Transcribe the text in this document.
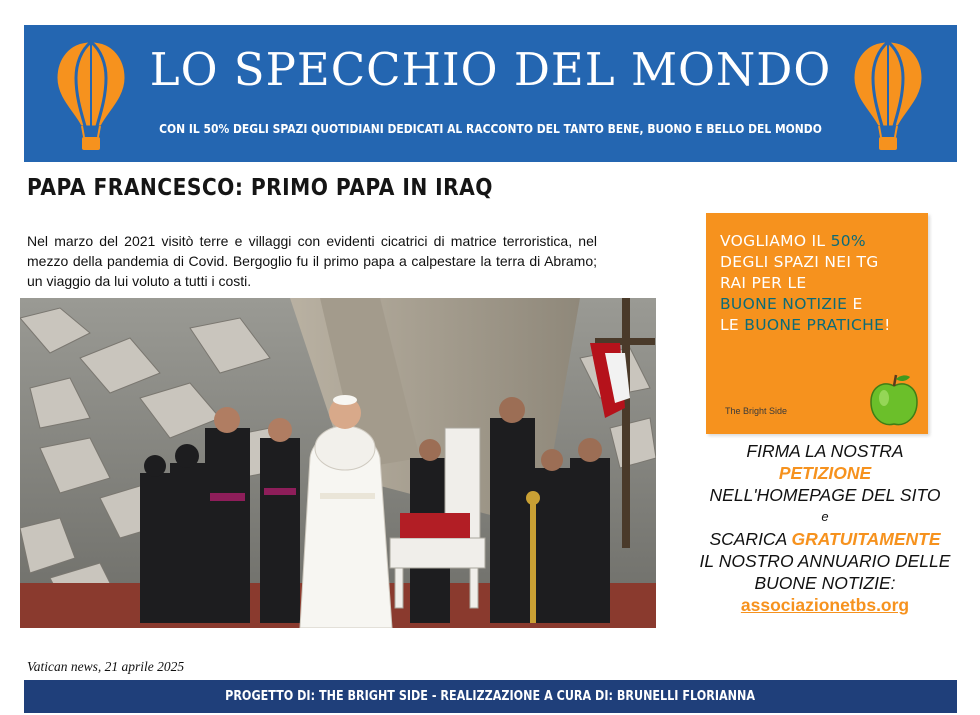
LO SPECCHIO DEL MONDO
CON IL 50% DEGLI SPAZI QUOTIDIANI DEDICATI AL RACCONTO DEL TANTO BENE, BUONO E BELLO DEL MONDO
PAPA FRANCESCO: PRIMO PAPA IN IRAQ

Nel marzo del 2021 visitò terre e villaggi con evidenti cicatrici di matrice terroristica, nel mezzo della pandemia di Covid. Bergoglio fu il primo papa a calpestare la terra di Abramo; un viaggio da lui voluto a tutti i costi.

Vatican news, 21 aprile 2025
VOGLIAMO IL 50%
DEGLI SPAZI NEI TG
RAI PER LE
BUONE NOTIZIE E
LE BUONE PRATICHE!
The Bright Side
FIRMA LA NOSTRA
PETIZIONE
NELL'HOMEPAGE DEL SITO
e
SCARICA GRATUITAMENTE
IL NOSTRO ANNUARIO DELLE
BUONE NOTIZIE:
associazionetbs.org
PROGETTO DI: THE BRIGHT SIDE - REALIZZAZIONE A CURA DI: BRUNELLI FLORIANNA
